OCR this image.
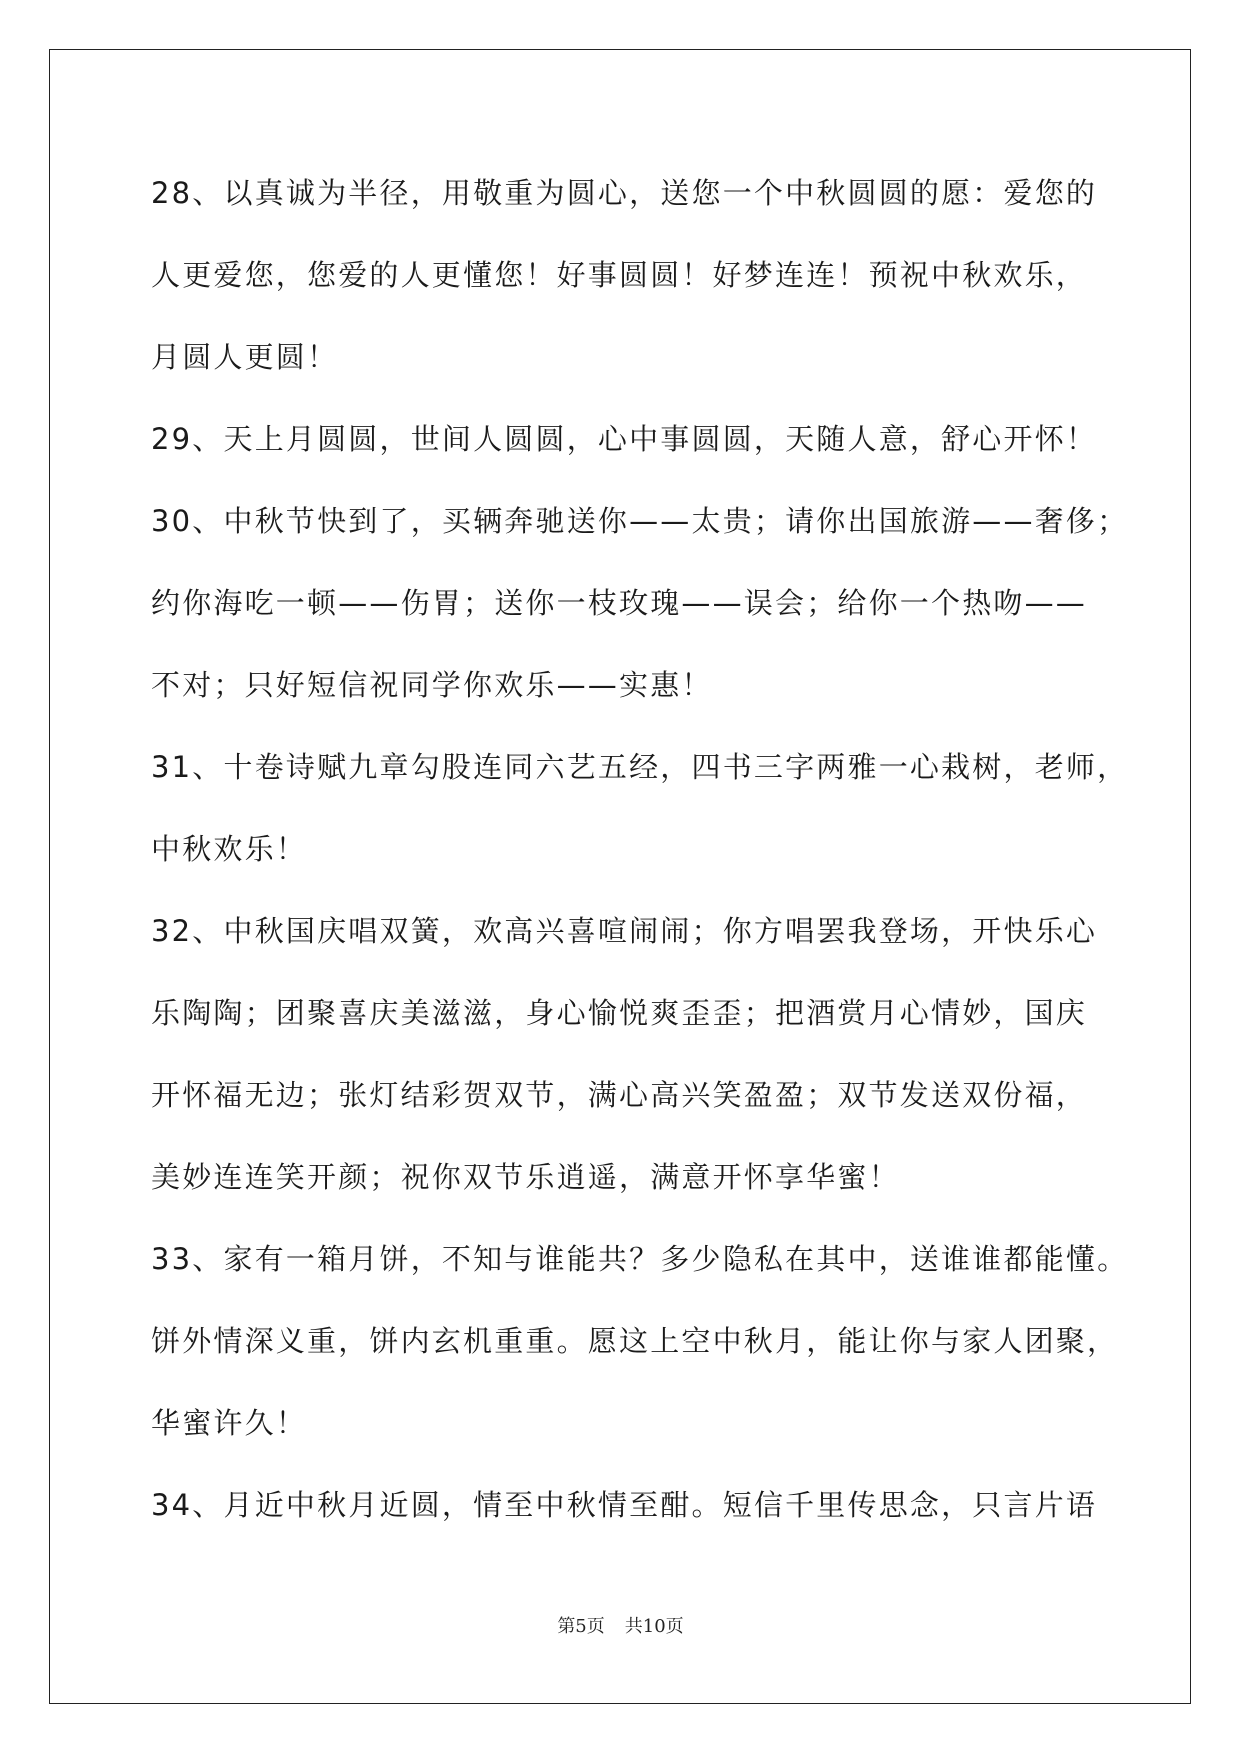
28、以真诚为半径，用敬重为圆心，送您一个中秋圆圆的愿：爱您的
人更爱您，您爱的人更懂您！好事圆圆！好梦连连！预祝中秋欢乐，
月圆人更圆！
29、天上月圆圆，世间人圆圆，心中事圆圆，天随人意，舒心开怀！
30、中秋节快到了，买辆奔驰送你——太贵；请你出国旅游——奢侈；
约你海吃一顿——伤胃；送你一枝玫瑰——误会；给你一个热吻——
不对；只好短信祝同学你欢乐——实惠！
31、十卷诗赋九章勾股连同六艺五经，四书三字两雅一心栽树，老师，
中秋欢乐！
32、中秋国庆唱双簧，欢高兴喜喧闹闹；你方唱罢我登场，开快乐心
乐陶陶；团聚喜庆美滋滋，身心愉悦爽歪歪；把酒赏月心情妙，国庆
开怀福无边；张灯结彩贺双节，满心高兴笑盈盈；双节发送双份福，
美妙连连笑开颜；祝你双节乐逍遥，满意开怀享华蜜！
33、家有一箱月饼，不知与谁能共？多少隐私在其中，送谁谁都能懂。
饼外情深义重，饼内玄机重重。愿这上空中秋月，能让你与家人团聚，
华蜜许久！
34、月近中秋月近圆，情至中秋情至酣。短信千里传思念，只言片语
第5页 共10页
